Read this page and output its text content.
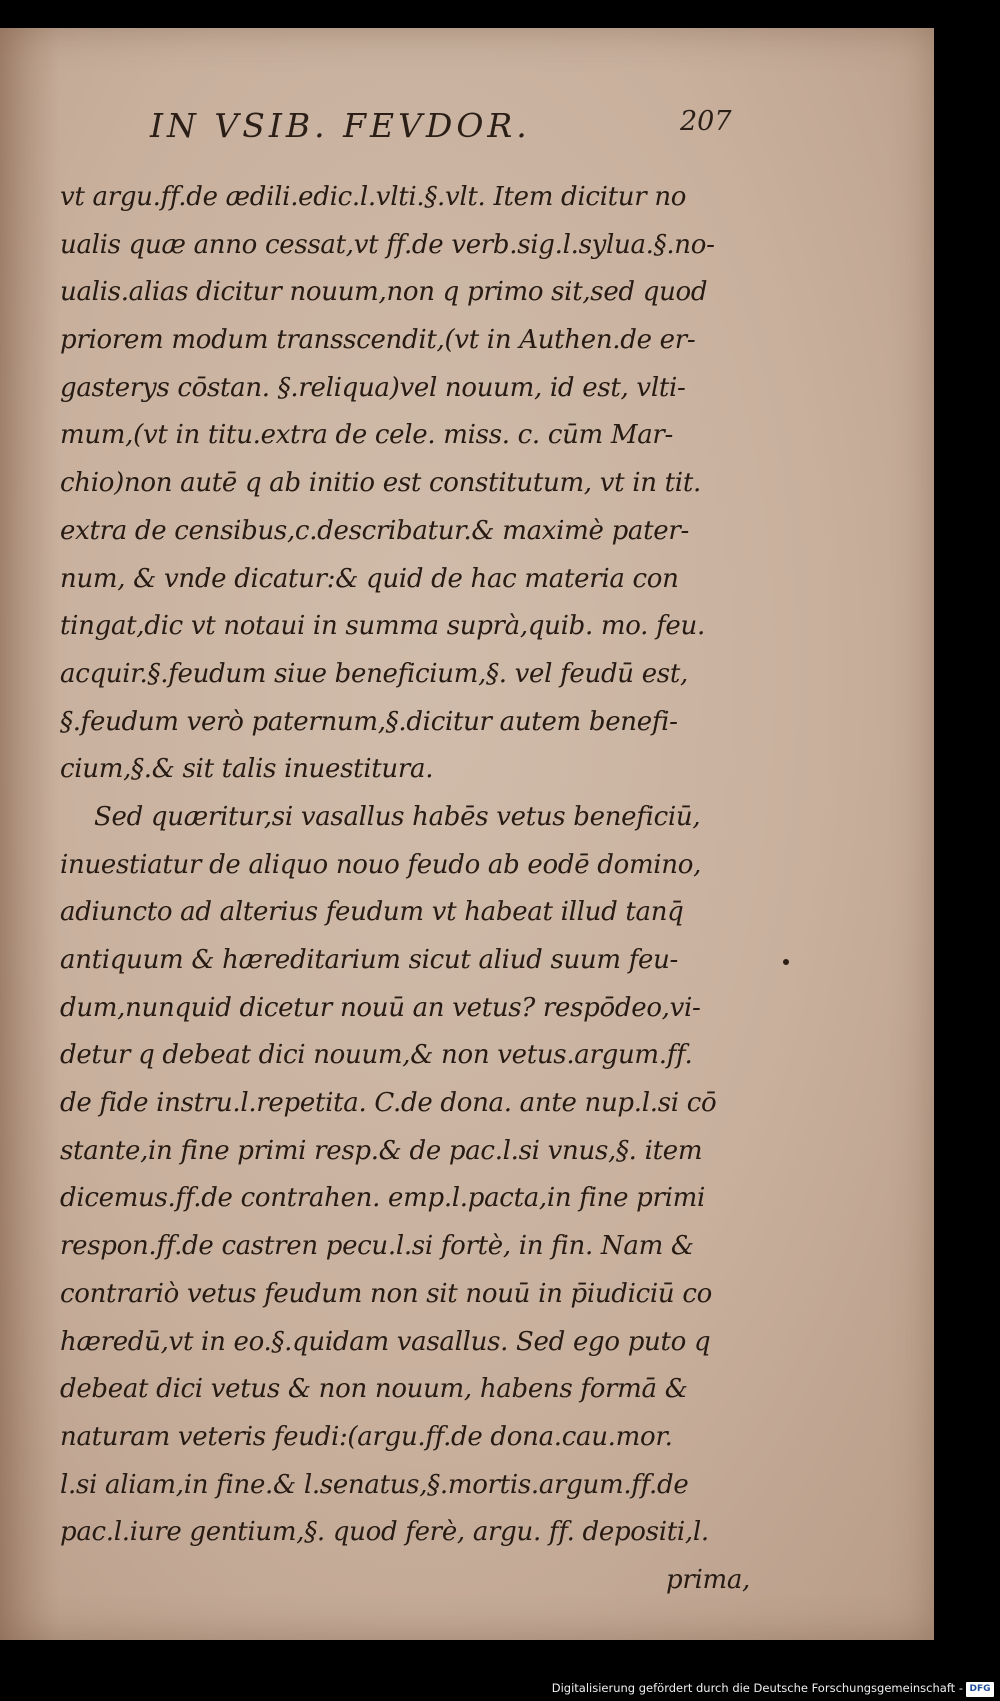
IN VSIB. FEVDOR.	207
vt argu.ff.de ædili.edic.l.vlti.§.vlt. Item dicitur no
ualis quæ anno cessat,vt ff.de verb.sig.l.sylua.§.no-
ualis.alias dicitur nouum,non q primo sit,sed quod
priorem modum transscendit,(vt in Authen.de er-
gasterys cōstan. §.reliqua)vel nouum, id est, vlti-
mum,(vt in titu.extra de cele. miss. c. cūm Mar-
chio)non autē q ab initio est constitutum, vt in tit.
extra de censibus,c.describatur.& maximè pater-
num, & vnde dicatur:& quid de hac materia con
tingat,dic vt notaui in summa suprà,quib. mo. feu.
acquir.§.feudum siue beneficium,§. vel feudū est,
§.feudum verò paternum,§.dicitur autem benefi-
cium,§.& sit talis inuestitura.
Sed quæritur,si vasallus habēs vetus beneficiū,
inuestiatur de aliquo nouo feudo ab eodē domino,
adiuncto ad alterius feudum vt habeat illud tanq̄
antiquum & hæreditarium sicut aliud suum feu-
dum,nunquid dicetur nouū an vetus? respōdeo,vi-
detur q debeat dici nouum,& non vetus.argum.ff.
de fide instru.l.repetita. C.de dona. ante nup.l.si cō
stante,in fine primi resp.& de pac.l.si vnus,§. item
dicemus.ff.de contrahen. emp.l.pacta,in fine primi
respon.ff.de castren pecu.l.si fortè, in fin. Nam &
contrariò vetus feudum non sit nouū in p̄iudiciū co
hæredū,vt in eo.§.quidam vasallus. Sed ego puto q
debeat dici vetus & non nouum, habens formā &
naturam veteris feudi:(argu.ff.de dona.cau.mor.
l.si aliam,in fine.& l.senatus,§.mortis.argum.ff.de
pac.l.iure gentium,§. quod ferè, argu. ff. depositi,l.
prima,
Digitalisierung gefördert durch die Deutsche Forschungsgemeinschaft - DFG
